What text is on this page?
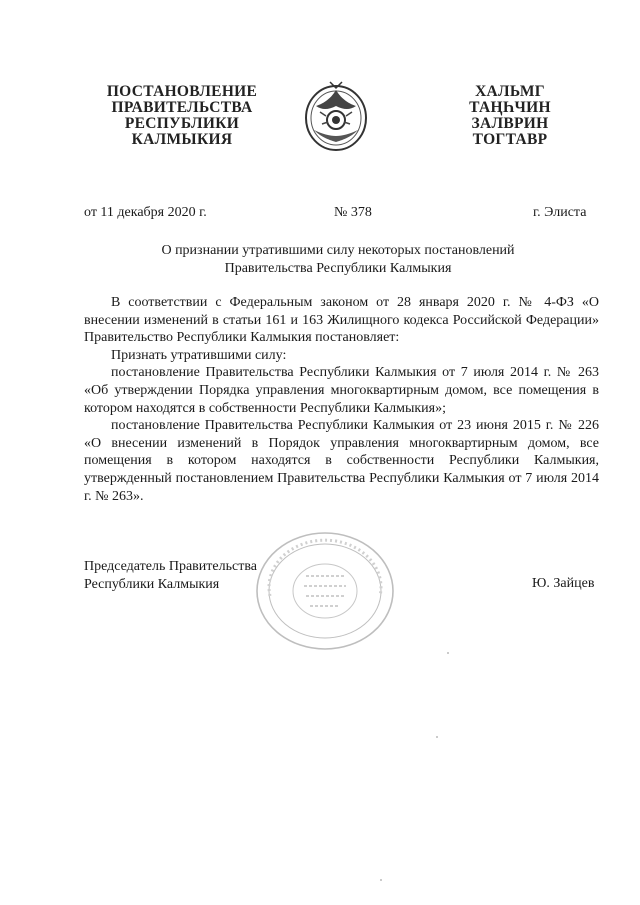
ПОСТАНОВЛЕНИЕ
ПРАВИТЕЛЬСТВА
РЕСПУБЛИКИ
КАЛМЫКИЯ
ХАЛЬМГ
ТАҢҺЧИН
ЗАЛВРИН
ТОГТАВР
от 11 декабря 2020 г.	№ 378	г. Элиста
О признании утратившими силу некоторых постановлений
Правительства Республики Калмыкия

В соответствии с Федеральным законом от 28 января 2020 г. № 4-ФЗ «О внесении изменений в статьи 161 и 163 Жилищного кодекса Российской Федерации» Правительство Республики Калмыкия постановляет:

Признать утратившими силу:

постановление Правительства Республики Калмыкия от 7 июля 2014 г. № 263 «Об утверждении Порядка управления многоквартирным домом, все помещения в котором находятся в собственности Республики Калмыкия»;

постановление Правительства Республики Калмыкия от 23 июня 2015 г. № 226 «О внесении изменений в Порядок управления многоквартирным домом, все помещения в котором находятся в собственности Республики Калмыкия, утвержденный постановлением Правительства Республики Калмыкия от 7 июля 2014 г. № 263».

Председатель Правительства
Республики Калмыкия	Ю. Зайцев
